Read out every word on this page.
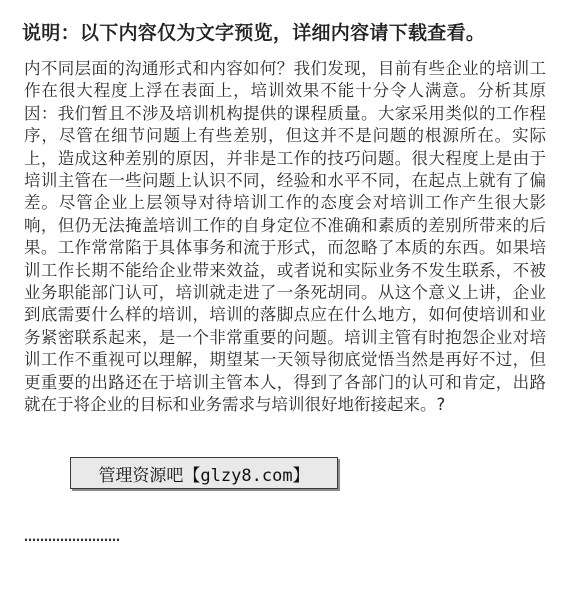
说明：以下内容仅为文字预览，详细内容请下载查看。

内不同层面的沟通形式和内容如何？我们发现，目前有些企业的培训工作在很大程度上浮在表面上，培训效果不能十分令人满意。分析其原因：我们暂且不涉及培训机构提供的课程质量。大家采用类似的工作程序，尽管在细节问题上有些差别，但这并不是问题的根源所在。实际上，造成这种差别的原因，并非是工作的技巧问题。很大程度上是由于培训主管在一些问题上认识不同，经验和水平不同，在起点上就有了偏差。尽管企业上层领导对待培训工作的态度会对培训工作产生很大影响，但仍无法掩盖培训工作的自身定位不准确和素质的差别所带来的后果。工作常常陷于具体事务和流于形式，而忽略了本质的东西。如果培训工作长期不能给企业带来效益，或者说和实际业务不发生联系，不被业务职能部门认可，培训就走进了一条死胡同。从这个意义上讲，企业到底需要什么样的培训，培训的落脚点应在什么地方，如何使培训和业务紧密联系起来，是一个非常重要的问题。培训主管有时抱怨企业对培训工作不重视可以理解，期望某一天领导彻底觉悟当然是再好不过，但更重要的出路还在于培训主管本人，得到了各部门的认可和肯定，出路就在于将企业的目标和业务需求与培训很好地衔接起来。?

管理资源吧【glzy8.com】
……………………
